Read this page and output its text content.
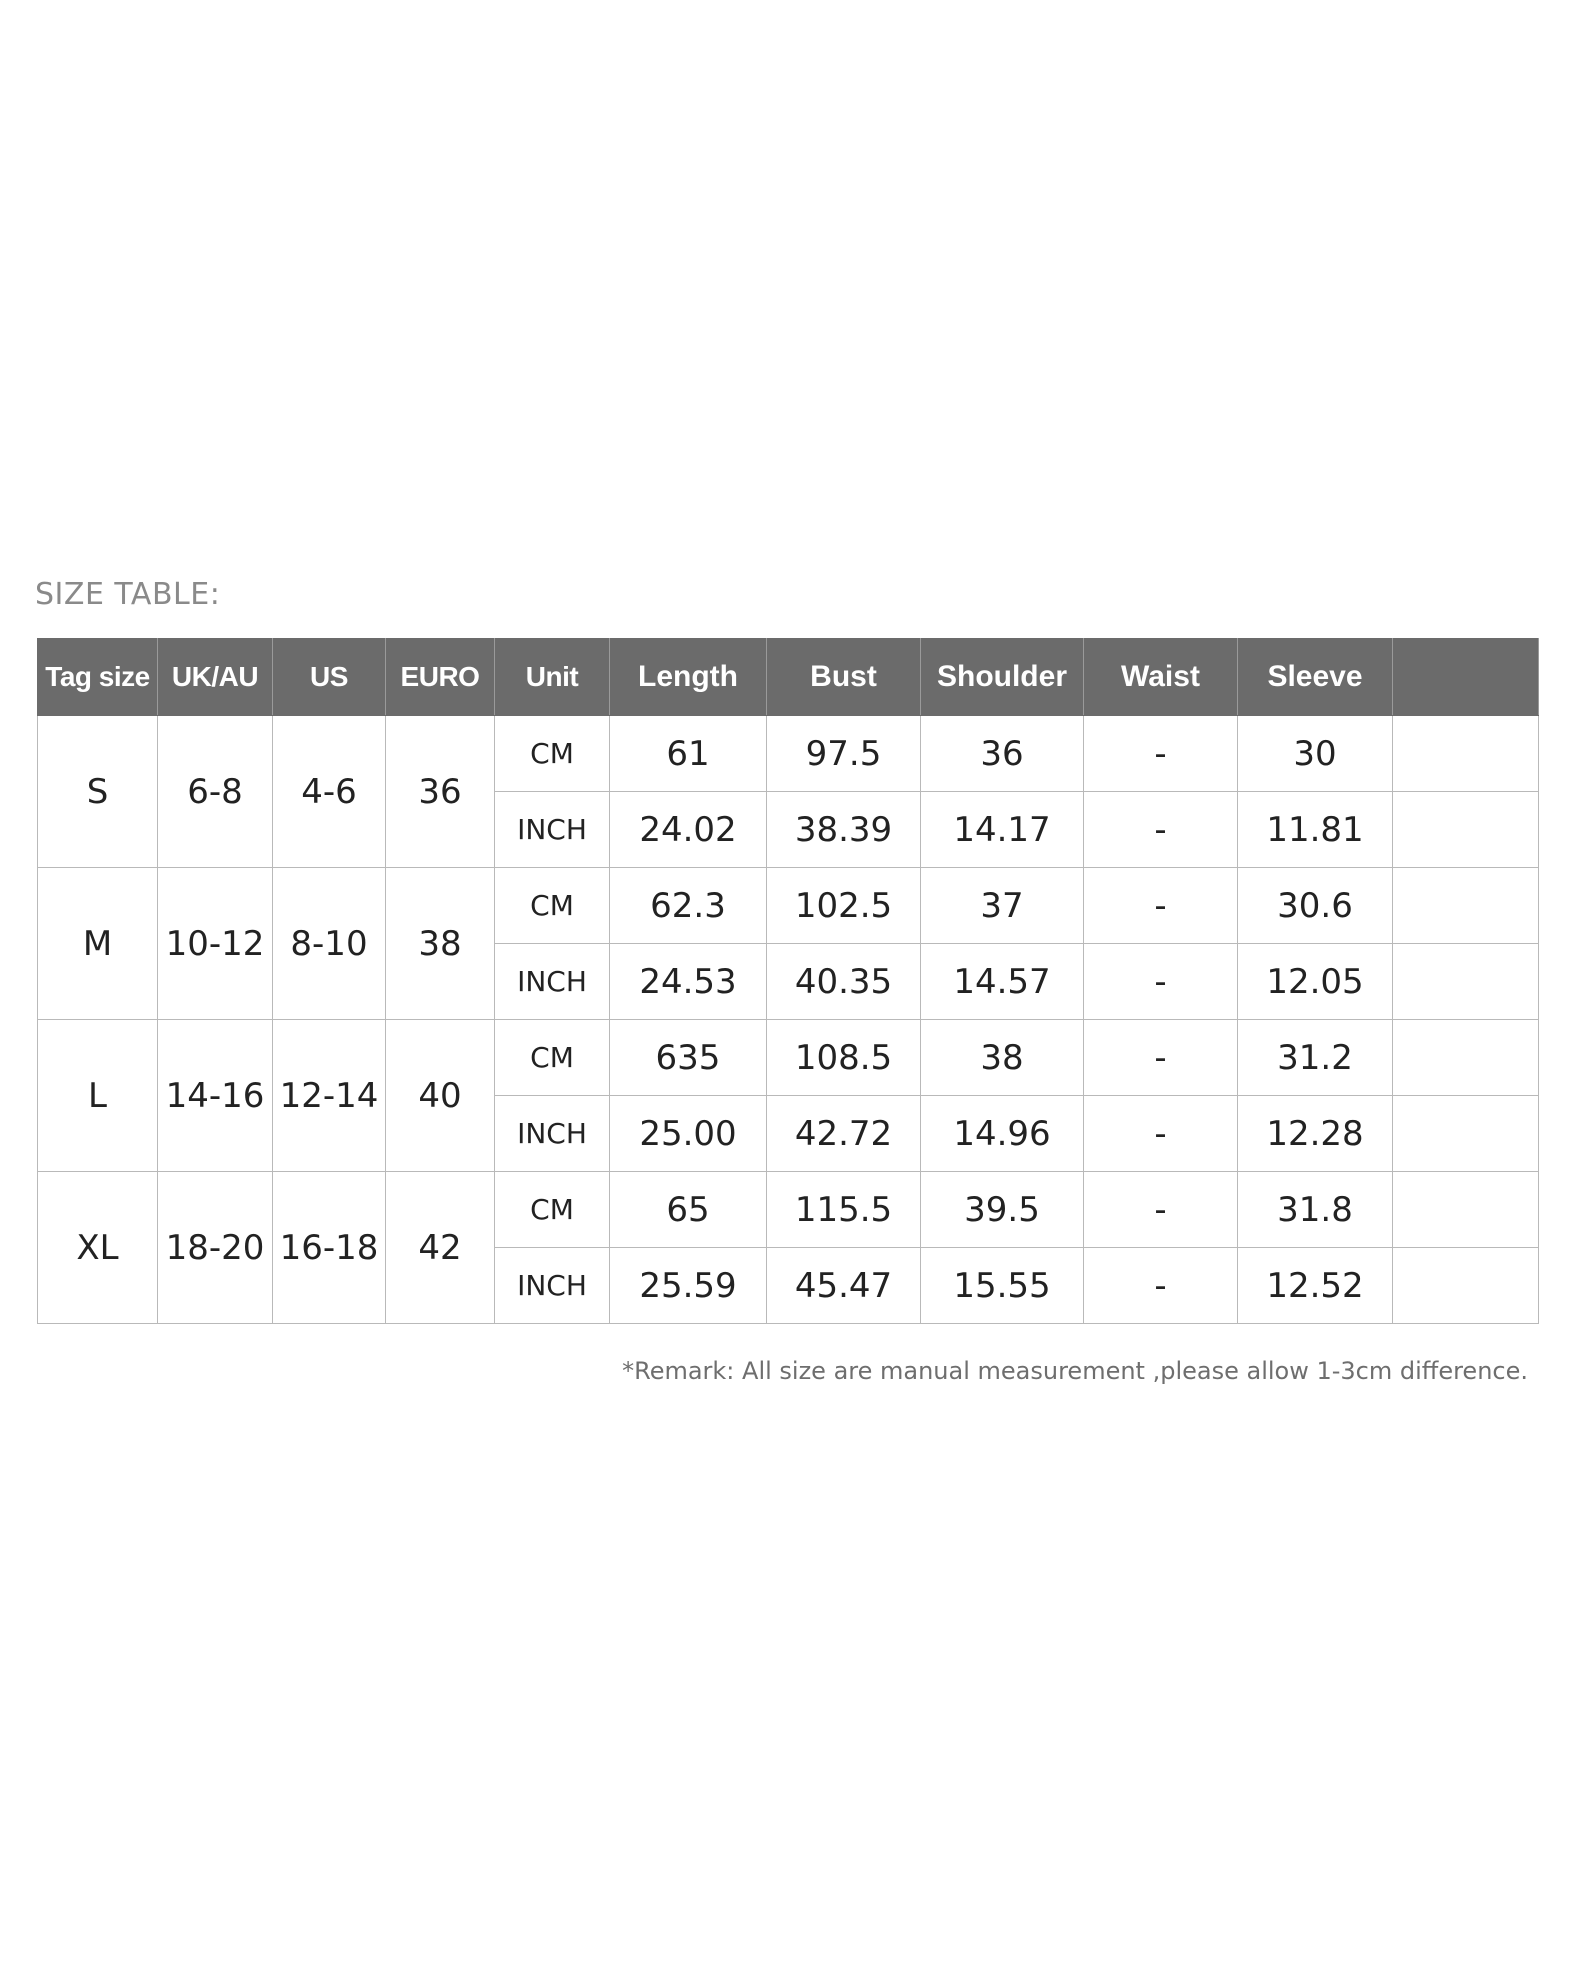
SIZE TABLE:
Tag size	UK/AU	US	EURO	Unit	Length	Bust	Shoulder	Waist	Sleeve	
S	6-8	4-6	36	CM	61	97.5	36	-	30	
				INCH	24.02	38.39	14.17	-	11.81	
M	10-12	8-10	38	CM	62.3	102.5	37	-	30.6	
				INCH	24.53	40.35	14.57	-	12.05	
L	14-16	12-14	40	CM	635	108.5	38	-	31.2	
				INCH	25.00	42.72	14.96	-	12.28	
XL	18-20	16-18	42	CM	65	115.5	39.5	-	31.8	
				INCH	25.59	45.47	15.55	-	12.52	
*Remark: All size are manual measurement ,please allow 1-3cm difference.
